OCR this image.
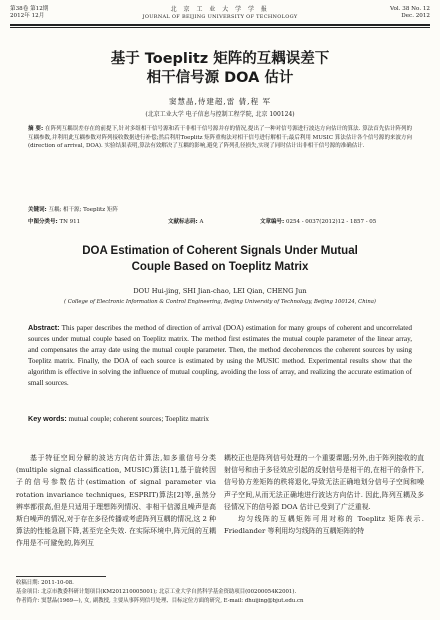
第38卷 第12期
2012年 12月
北 京 工 业 大 学 学 报
JOURNAL OF BEIJING UNIVERSITY OF TECHNOLOGY
Vol. 38 No. 12
Dec. 2012
基于 Toeplitz 矩阵的互耦误差下
相干信号源 DOA 估计
窦慧晶,侍建超,雷 倩,程 军
(北京工业大学 电子信息与控制工程学院, 北京 100124)
摘 要: 在阵列互耦误差存在的前提下,针对多组相干信号源和若干非相干信号源并存的情况,提出了一种对信号源进行波达方向估计的算法. 算法首先估计阵列的互耦参数,并利用此互耦参数对阵列接收数据进行补偿;然后利用Toeplitz 矩阵重构法对相干信号进行解相干;最后利用 MUSIC 算法估计各个信号源的来波方向(direction of arrival, DOA). 实验结果表明,算法有效解决了互耦的影响,避免了阵列孔径损失,实现了同时估计出非相干信号源的准确估计.
关键词: 互耦; 相干源; Toeplitz 矩阵
中图分类号: TN 911	文献标志码: A	文章编号: 0254 - 0037(2012)12 - 1857 - 05
DOA Estimation of Coherent Signals Under Mutual
Couple Based on Toeplitz Matrix
DOU Hui-jing, SHI Jian-chao, LEI Qian, CHENG Jun
( College of Electronic Information & Control Engineering, Beijing University of Technology, Beijing 100124, China)
Abstract: This paper describes the method of direction of arrival (DOA) estimation for many groups of coherent and uncorrelated sources under mutual couple based on Toeplitz matrix. The method first estimates the mutual couple parameter of the linear array, and compensates the array date using the mutual couple parameter. Then, the method decoherences the coherent sources by using Toeplitz matrix. Finally, the DOA of each source is estimated by using the MUSIC method. Experimental results show that the algorithm is effective in solving the influence of mutual coupling, avoiding the loss of array, and realizing the accurate estimation of small sources.
Key words: mutual couple; coherent sources; Toeplitz matrix

基于特征空间分解的波达方向估计算法,如多重信号分类(multiple signal classification, MUSIC)算法[1],基于旋转因子的信号参数估计(estimation of signal parameter via rotation invariance techniques, ESPRIT)算法[2]等,虽然分辨率都很高,但是只适用于理想阵列情况、非相干信源且噪声是高斯白噪声的情况,对于存在多径传播或考虑阵列互耦的情况,这 2 种算法的性能急剧下降,甚至完全失效. 在实际环境中,阵元间的互耦作用是不可避免的,阵列互

耦校正也是阵列信号处理的一个重要课题;另外,由于阵列接收的直射信号和由于多径效应引起的反射信号是相干的,在相干的条件下,信号协方差矩阵的秩将退化,导致无法正确地划分信号子空间和噪声子空间,从而无法正确地进行波达方向估计. 因此,阵列互耦及多径情况下的信号源 DOA 估计已受到了广泛重视.

均匀线阵的互耦矩阵可用对称的 Toeplitz 矩阵表示. Friedlander 等利用均匀线阵的互耦矩阵的特

收稿日期: 2011-10-08.
基金项目: 北京市教委科研计划项目(KM201210005001); 北京工业大学自然科学基金资助项目(00200054K2001).
作者简介: 窦慧晶(1969—), 女, 副教授, 主要从事阵列信号处理、目标定位方面的研究, E-mail: dhuijing@bjut.edu.cn
